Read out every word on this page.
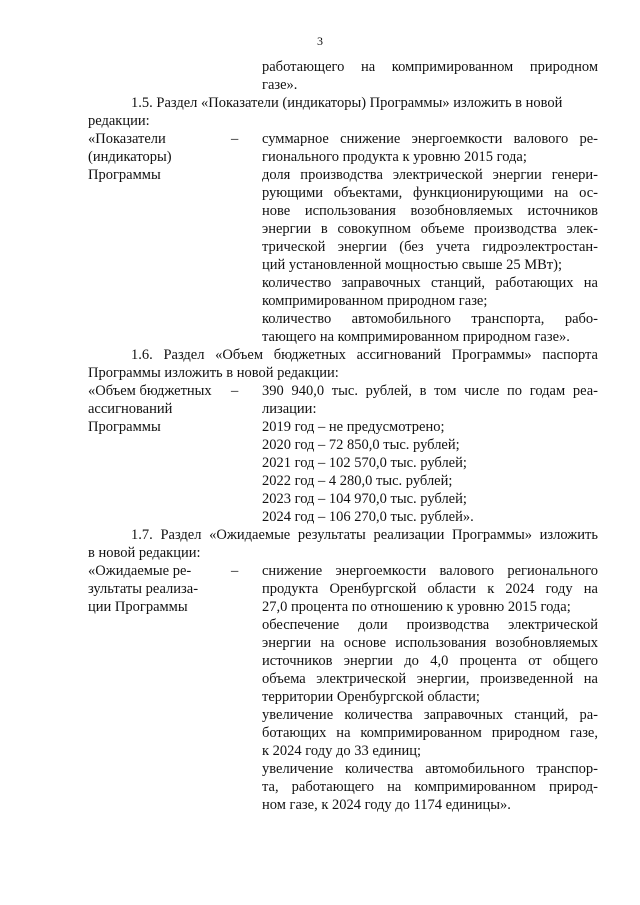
3
работающего на компримированном природном
газе».
1.5. Раздел «Показатели (индикаторы) Программы» изложить в новой
редакции:
«Показатели
(индикаторы)
Программы
– суммарное снижение энергоемкости валового ре-
гионального продукта к уровню 2015 года;
доля производства электрической энергии генери-
рующими объектами, функционирующими на ос-
нове использования возобновляемых источников
энергии в совокупном объеме производства элек-
трической энергии (без учета гидроэлектростан-
ций установленной мощностью свыше 25 МВт);
количество заправочных станций, работающих на
компримированном природном газе;
количество автомобильного транспорта, рабо-
тающего на компримированном природном газе».
1.6. Раздел «Объем бюджетных ассигнований Программы» паспорта
Программы изложить в новой редакции:
«Объем бюджетных
ассигнований
Программы
– 390 940,0 тыс. рублей, в том числе по годам реа-
лизации:
2019 год – не предусмотрено;
2020 год – 72 850,0 тыс. рублей;
2021 год – 102 570,0 тыс. рублей;
2022 год – 4 280,0 тыс. рублей;
2023 год – 104 970,0 тыс. рублей;
2024 год – 106 270,0 тыс. рублей».
1.7. Раздел «Ожидаемые результаты реализации Программы» изложить
в новой редакции:
«Ожидаемые ре-
зультаты реализа-
ции Программы
– снижение энергоемкости валового регионального
продукта Оренбургской области к 2024 году на
27,0 процента по отношению к уровню 2015 года;
обеспечение доли производства электрической
энергии на основе использования возобновляемых
источников энергии до 4,0 процента от общего
объема электрической энергии, произведенной на
территории Оренбургской области;
увеличение количества заправочных станций, ра-
ботающих на компримированном природном газе,
к 2024 году до 33 единиц;
увеличение количества автомобильного транспор-
та, работающего на компримированном природ-
ном газе, к 2024 году до 1174 единицы».
